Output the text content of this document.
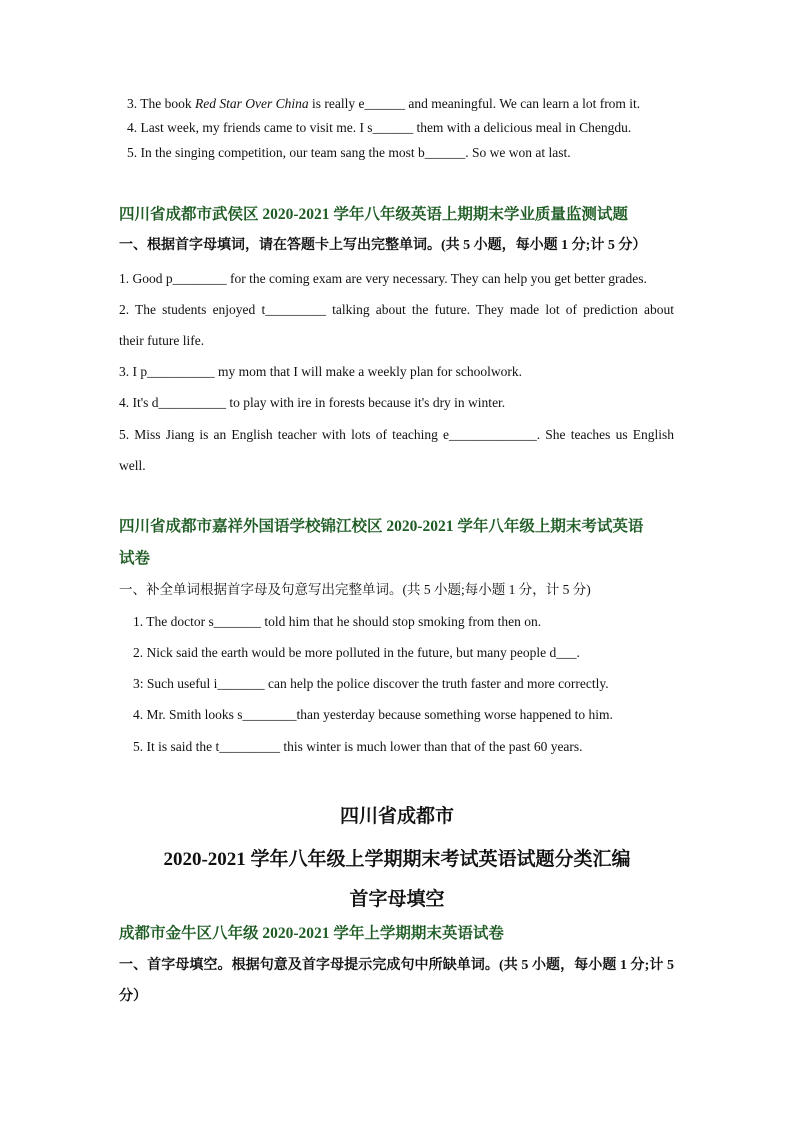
3. The book Red Star Over China is really e______ and meaningful. We can learn a lot from it.
4. Last week, my friends came to visit me. I s______ them with a delicious meal in Chengdu.
5. In the singing competition, our team sang the most b______. So we won at last.
四川省成都市武侯区 2020-2021 学年八年级英语上期期末学业质量监测试题
一、根据首字母填词，请在答题卡上写出完整单词。(共 5 小题，每小题 1 分;计 5 分）
1. Good p________ for the coming exam are very necessary. They can help you get better grades.
2. The students enjoyed t_________ talking about the future. They made lot of prediction about
their future life.
3. I p__________ my mom that I will make a weekly plan for schoolwork.
4. It's d__________ to play with ire in forests because it's dry in winter.
5. Miss Jiang is an English teacher with lots of teaching e_____________. She teaches us English
well.
四川省成都市嘉祥外国语学校锦江校区 2020-2021 学年八年级上期末考试英语
试卷
一、补全单词根据首字母及句意写出完整单词。(共 5 小题;每小题 1 分，计 5 分)
1. The doctor s_______ told him that he should stop smoking from then on.
2. Nick said the earth would be more polluted in the future, but many people d___.
3: Such useful i_______ can help the police discover the truth faster and more correctly.
4. Mr. Smith looks s________than yesterday because something worse happened to him.
5. It is said the t_________ this winter is much lower than that of the past 60 years.
四川省成都市
2020-2021 学年八年级上学期期末考试英语试题分类汇编
首字母填空
成都市金牛区八年级 2020-2021 学年上学期期末英语试卷
一、首字母填空。根据句意及首字母提示完成句中所缺单词。(共 5 小题，每小题 1 分;计 5
分）
